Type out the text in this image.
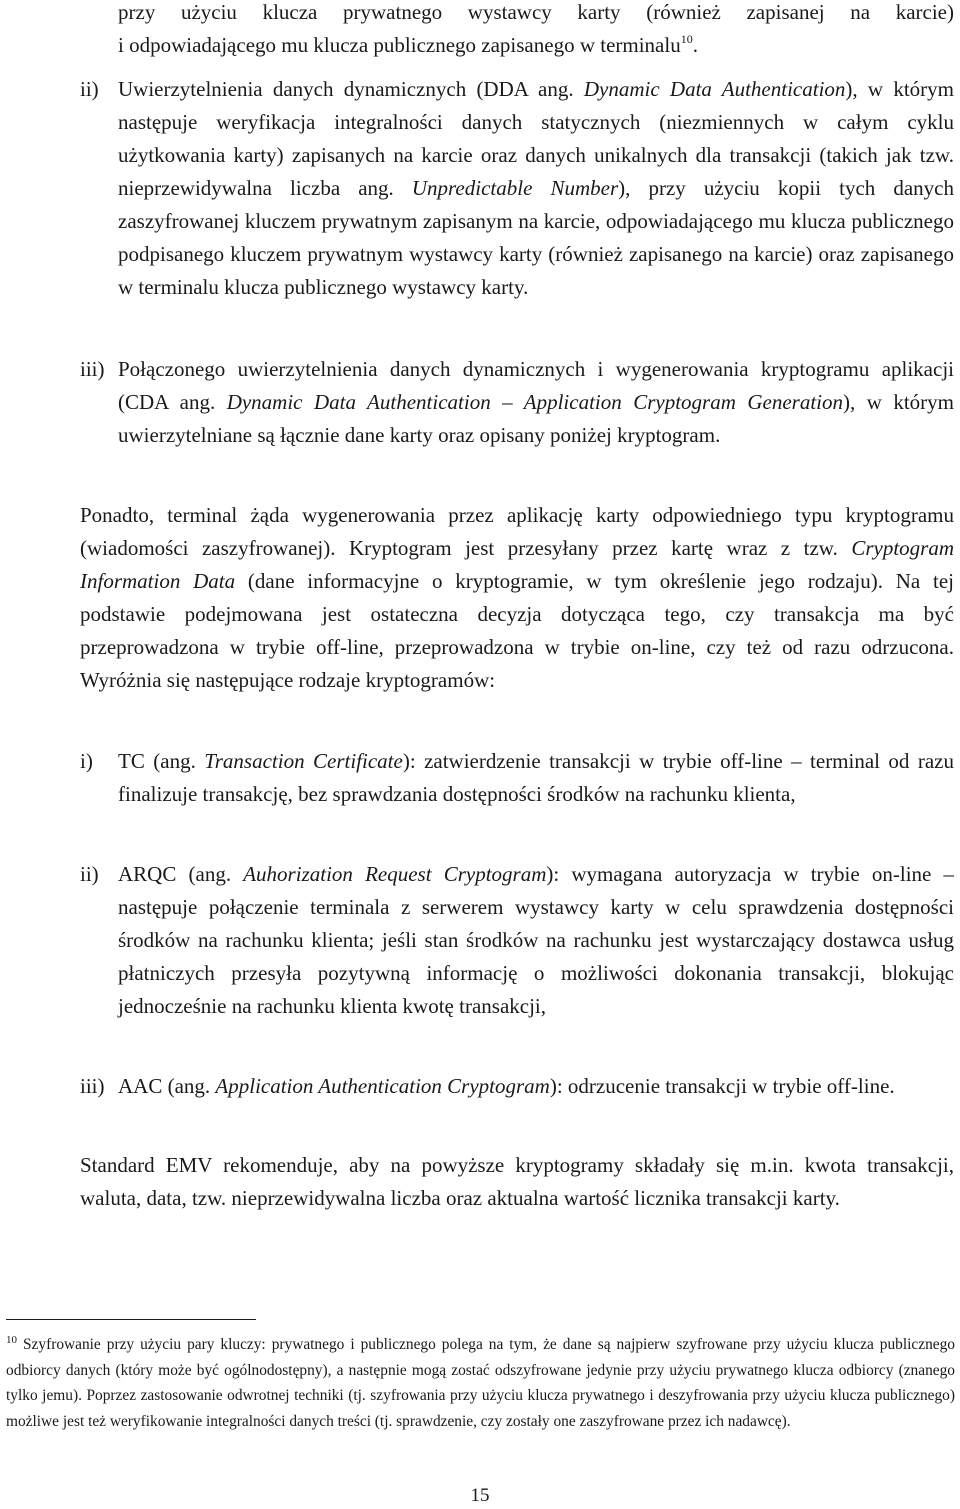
przy użyciu klucza prywatnego wystawcy karty (również zapisanej na karcie)
i odpowiadającego mu klucza publicznego zapisanego w terminalu$^{10}$.
ii) Uwierzytelnienia danych dynamicznych (DDA ang. Dynamic Data Authentication), w którym następuje weryfikacja integralności danych statycznych (niezmiennych w całym cyklu użytkowania karty) zapisanych na karcie oraz danych unikalnych dla transakcji (takich jak tzw. nieprzewidywalna liczba ang. Unpredictable Number), przy użyciu kopii tych danych zaszyfrowanej kluczem prywatnym zapisanym na karcie, odpowiadającego mu klucza publicznego podpisanego kluczem prywatnym wystawcy karty (również zapisanego na karcie) oraz zapisanego w terminalu klucza publicznego wystawcy karty.
iii) Połączonego uwierzytelnienia danych dynamicznych i wygenerowania kryptogramu aplikacji (CDA ang. Dynamic Data Authentication – Application Cryptogram Generation), w którym uwierzytelniane są łącznie dane karty oraz opisany poniżej kryptogram.
Ponadto, terminal żąda wygenerowania przez aplikację karty odpowiedniego typu kryptogramu (wiadomości zaszyfrowanej). Kryptogram jest przesyłany przez kartę wraz z tzw. Cryptogram Information Data (dane informacyjne o kryptogramie, w tym określenie jego rodzaju). Na tej podstawie podejmowana jest ostateczna decyzja dotycząca tego, czy transakcja ma być przeprowadzona w trybie off-line, przeprowadzona w trybie on-line, czy też od razu odrzucona. Wyróżnia się następujące rodzaje kryptogramów:
i) TC (ang. Transaction Certificate): zatwierdzenie transakcji w trybie off-line – terminal od razu finalizuje transakcję, bez sprawdzania dostępności środków na rachunku klienta,
ii) ARQC (ang. Auhorization Request Cryptogram): wymagana autoryzacja w trybie on-line – następuje połączenie terminala z serwerem wystawcy karty w celu sprawdzenia dostępności środków na rachunku klienta; jeśli stan środków na rachunku jest wystarczający dostawca usług płatniczych przesyła pozytywną informację o możliwości dokonania transakcji, blokując jednocześnie na rachunku klienta kwotę transakcji,
iii) AAC (ang. Application Authentication Cryptogram): odrzucenie transakcji w trybie off-line.
Standard EMV rekomenduje, aby na powyższe kryptogramy składały się m.in. kwota transakcji, waluta, data, tzw. nieprzewidywalna liczba oraz aktualna wartość licznika transakcji karty.
$^{10}$ Szyfrowanie przy użyciu pary kluczy: prywatnego i publicznego polega na tym, że dane są najpierw szyfrowane przy użyciu klucza publicznego odbiorcy danych (który może być ogólnodostępny), a następnie mogą zostać odszyfrowane jedynie przy użyciu prywatnego klucza odbiorcy (znanego tylko jemu). Poprzez zastosowanie odwrotnej techniki (tj. szyfrowania przy użyciu klucza prywatnego i deszyfrowania przy użyciu klucza publicznego) możliwe jest też weryfikowanie integralności danych treści (tj. sprawdzenie, czy zostały one zaszyfrowane przez ich nadawcę).
15
